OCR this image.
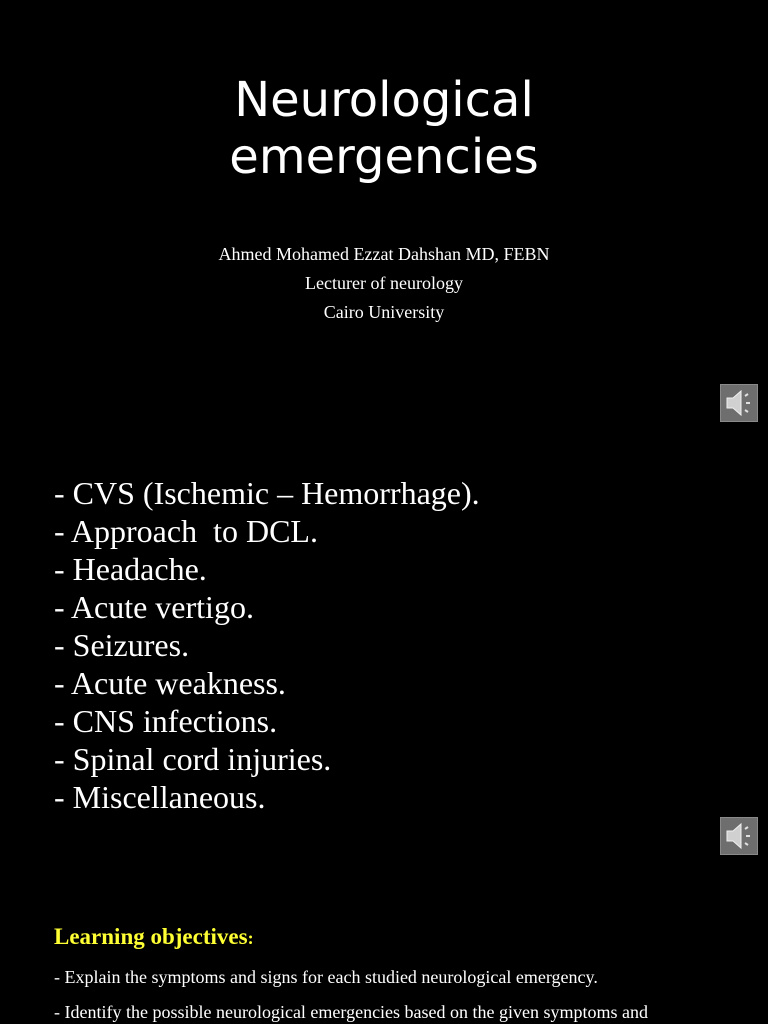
Neurological
emergencies
Ahmed Mohamed Ezzat Dahshan MD, FEBN
Lecturer of neurology
Cairo University
- CVS (Ischemic – Hemorrhage).
- Approach  to DCL.
- Headache.
- Acute vertigo.
- Seizures.
- Acute weakness.
- CNS infections.
- Spinal cord injuries.
- Miscellaneous.
Learning objectives:
- Explain the symptoms and signs for each studied neurological emergency.
- Identify the possible neurological emergencies based on the given symptoms and
